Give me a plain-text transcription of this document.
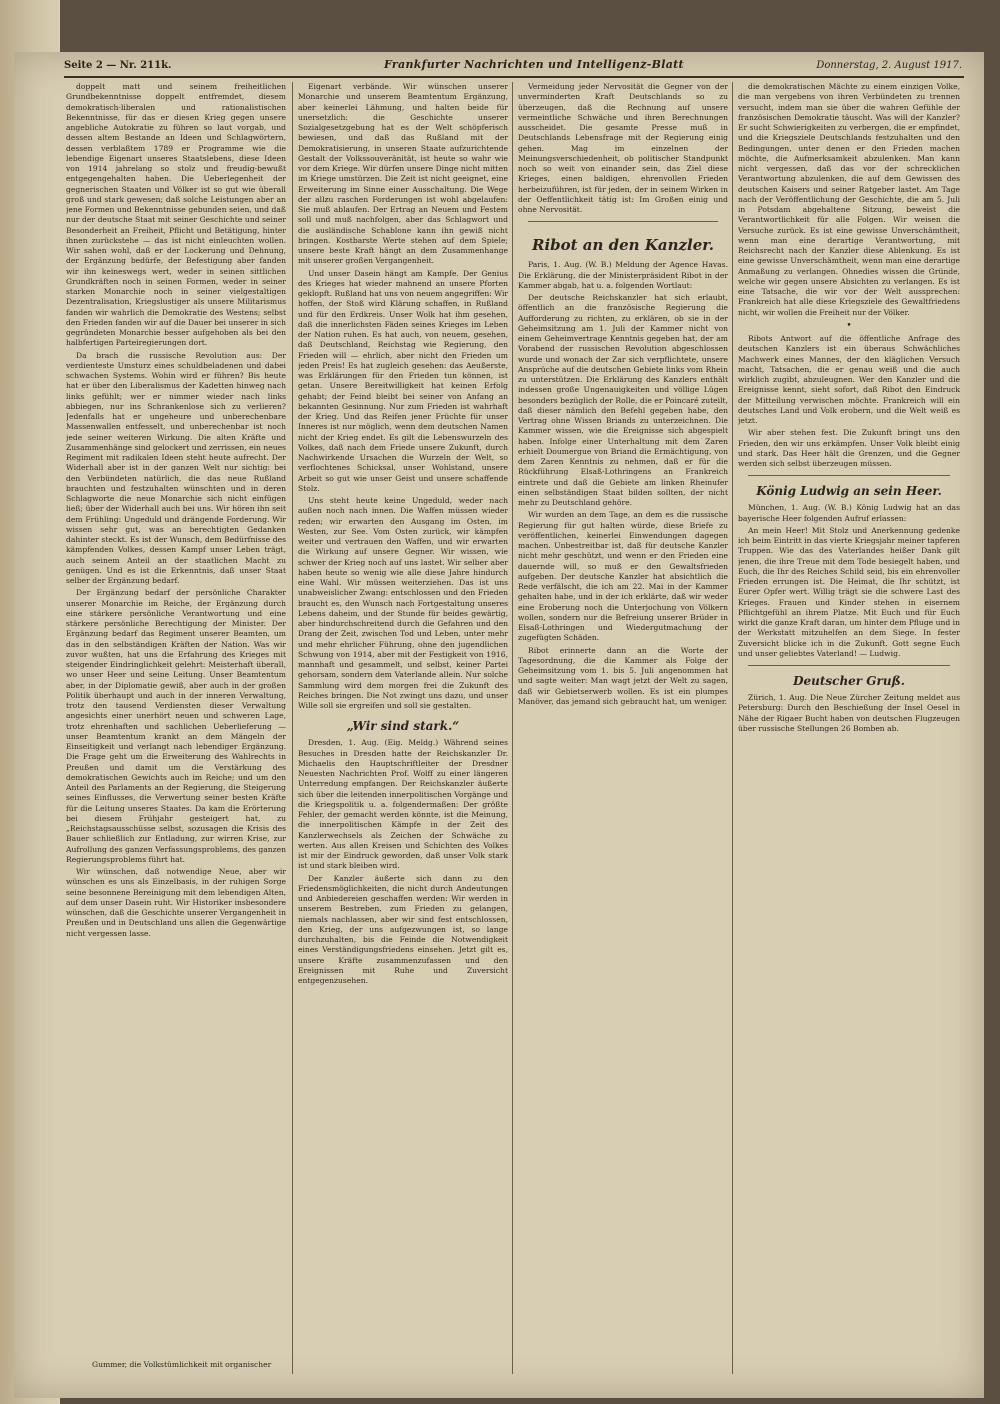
Seite 2 — Nr. 211k.	Frankfurter Nachrichten und Intelligenz-Blatt	Donnerstag, 2. August 1917.

doppelt matt und seinem freiheitlichen Grundbekenntnisse doppelt entfremdet, diesem demokratisch-liberalen und rationalistischen Bekenntnisse, für das er diesen Krieg gegen unsere angebliche Autokratie zu führen so laut vorgab, und dessen altem Bestande an Ideen und Schlagwörtern, dessen verblaßtem 1789 er Programme wie die lebendige Eigenart unseres Staatslebens, diese Ideen von 1914 jahrelang so stolz und freudig-bewußt entgegengehalten haben. Die Ueberlegenheit der gegnerischen Staaten und Völker ist so gut wie überall groß und stark gewesen; daß solche Leistungen aber an jene Formen und Bekenntnisse gebunden seien, und daß nur der deutsche Staat mit seiner Geschichte und seiner Besonderheit an Freiheit, Pflicht und Betätigung, hinter ihnen zurückstehe — das ist nicht einleuchten wollen. Wir sahen wohl, daß er der Lockerung und Dehnung, der Ergänzung bedürfe, der Befestigung aber fanden wir ihn keineswegs wert, weder in seinen sittlichen Grundkräften noch in seinen Formen, weder in seiner starken Monarchie noch in seiner vielgestaltigen Dezentralisation, Kriegslustiger als unsere Militarismus fanden wir wahrlich die Demokratie des Westens; selbst den Frieden fanden wir auf die Dauer bei unserer in sich gegründeten Monarchie besser aufgehoben als bei den halbfertigen Parteiregierungen dort.

Da brach die russische Revolution aus: Der verdienteste Umsturz eines schuldbeladenen und dabei schwachen Systems. Wohin wird er führen? Bis heute hat er über den Liberalismus der Kadetten hinweg nach links gefühlt; wer er nimmer wieder nach links abbiegen, nur ins Schrankenlose sich zu verlieren? Jedenfalls hat er ungeheure und unberechenbare Massenwallen entfesselt, und unberechenbar ist noch jede seiner weiteren Wirkung. Die alten Kräfte und Zusammenhänge sind gelockert und zerrissen, ein neues Regiment mit radikalen Ideen steht heute aufrecht. Der Widerhall aber ist in der ganzen Welt nur sichtig: bei den Verbündeten natürlich, die das neue Rußland brauchten und festzuhalten wünschten und in deren Schlagworte die neue Monarchie sich nicht einfügen ließ; über der Widerhall auch bei uns. Wir hören ihn seit dem Frühling: Ungeduld und drängende Forderung. Wir wissen sehr gut, was an berechtigten Gedanken dahinter steckt. Es ist der Wunsch, dem Bedürfnisse des kämpfenden Volkes, dessen Kampf unser Leben trägt, auch seinem Anteil an der staatlichen Macht zu genügen. Und es ist die Erkenntnis, daß unser Staat selber der Ergänzung bedarf.

Der Ergänzung bedarf der persönliche Charakter unserer Monarchie im Reiche, der Ergänzung durch eine stärkere persönliche Verantwortung und eine stärkere persönliche Berechtigung der Minister. Der Ergänzung bedarf das Regiment unserer Beamten, um das in den selbständigen Kräften der Nation. Was wir zuvor wußten, hat uns die Erfahrung des Krieges mit steigender Eindringlichkeit gelehrt: Meisterhaft überall, wo unser Heer und seine Leitung. Unser Beamtentum aber, in der Diplomatie gewiß, aber auch in der großen Politik überhaupt und auch in der inneren Verwaltung, trotz den tausend Verdiensten dieser Verwaltung angesichts einer unerhört neuen und schweren Lage, trotz ehrenhaften und sachlichen Ueberlieferung — unser Beamtentum krankt an dem Mängeln der Einseitigkeit und verlangt nach lebendiger Ergänzung. Die Frage geht um die Erweiterung des Wahlrechts in Preußen und damit um die Verstärkung des demokratischen Gewichts auch im Reiche; und um den Anteil des Parlaments an der Regierung, die Steigerung seines Einflusses, die Verwertung seiner besten Kräfte für die Leitung unseres Staates. Da kam die Erörterung bei diesem Frühjahr gesteigert hat, zu „Reichstagsausschüsse selbst, sozusagen die Krisis des Bauer schließlich zur Entladung, zur wirren Krise, zur Aufrollung des ganzen Verfassungsproblems, des ganzen Regierungsproblems führt hat.

Wir wünschen, daß notwendige Neue, aber wir wünschen es uns als Einzelbasis, in der ruhigen Sorge seine besonnene Bereinigung mit dem lebendigen Alten, auf dem unser Dasein ruht. Wir Historiker insbesondere wünschen, daß die Geschichte unserer Vergangenheit in Preußen und in Deutschland uns allen die Gegenwärtige nicht vergessen lasse.

Eigenart verbände. Wir wünschen unserer Monarchie und unserem Beamtentum Ergänzung, aber keinerlei Lähmung, und halten beide für unersetzlich: die Geschichte unserer Sozialgesetzgebung hat es der Welt schöpferisch bewiesen, und daß das Rußland mit der Demokratisierung, in unseren Staate aufzurichtende Gestalt der Volkssouveränität, ist heute so wahr wie vor dem Kriege. Wir dürfen unsere Dinge nicht mitten im Kriege umstürzen. Die Zeit ist nicht geeignet, eine Erweiterung im Sinne einer Ausschaltung. Die Wege der allzu raschen Forderungen ist wohl abgelaufen: Sie muß ablaufen. Der Ertrag an Neuem und Festem soll und muß nachfolgen, aber das Schlagwort und die ausländische Schablone kann ihn gewiß nicht bringen. Kostbarste Werte stehen auf dem Spiele; unsere beste Kraft hängt an dem Zusammenhange mit unserer großen Vergangenheit.

Und unser Dasein hängt am Kampfe. Der Genius des Krieges hat wieder mahnend an unsere Pforten geklopft. Rußland hat uns von neuem angegriffen: Wir hoffen, der Stoß wird Klärung schaffen, in Rußland und für den Erdkreis. Unser Wolk hat ihm gesehen, daß die innerlichsten Fäden seines Krieges im Leben der Nation ruhen. Es hat auch, von neuem, gesehen, daß Deutschland, Reichstag wie Regierung, den Frieden will — ehrlich, aber nicht den Frieden um jeden Preis! Es hat zugleich gesehen: das Aeußerste, was Erklärungen für den Frieden tun können, ist getan. Unsere Bereitwilligkeit hat keinen Erfolg gehabt; der Feind bleibt bei seiner von Anfang an bekannten Gesinnung. Nur zum Frieden ist wahrhaft der Krieg. Und das Reifen jener Früchte für unser Inneres ist nur möglich, wenn dem deutschen Namen nicht der Krieg endet. Es gilt die Lebenswurzeln des Volkes, daß nach dem Friede unsere Zukunft, durch Nachwirkende Ursachen die Wurzeln der Welt, so verflochtenes Schicksal, unser Wohlstand, unsere Arbeit so gut wie unser Geist und unsere schaffende Stolz.

Uns steht heute keine Ungeduld, weder nach außen noch nach innen. Die Waffen müssen wieder reden; wir erwarten den Ausgang im Osten, im Westen, zur See. Vom Osten zurück, wir kämpfen weiter und vertrauen den Waffen, und wir erwarten die Wirkung auf unsere Gegner. Wir wissen, wie schwer der Krieg noch auf uns lastet. Wir selber aber haben heute so wenig wie alle diese Jahre hindurch eine Wahl. Wir müssen weiterziehen. Das ist uns unabweislicher Zwang: entschlossen und den Frieden braucht es, den Wunsch nach Fortgestaltung unseres Lebens daheim, und der Stunde für beides gewärtig, aber hindurchschreitend durch die Gefahren und den Drang der Zeit, zwischen Tod und Leben, unter mehr und mehr ehrlicher Führung, ohne den jugendlichen Schwung von 1914, aber mit der Festigkeit von 1916, mannhaft und gesammelt, und selbst, keiner Partei gehorsam, sondern dem Vaterlande allein. Nur solche Sammlung wird dem morgen frei die Zukunft des Reiches bringen. Die Not zwingt uns dazu, und unser Wille soll sie ergreifen und soll sie gestalten.

„Wir sind stark.“

Dresden, 1. Aug. (Eig. Meldg.) Während seines Besuches in Dresden hatte der Reichskanzler Dr. Michaelis den Hauptschriftleiter der Dresdner Neuesten Nachrichten Prof. Wolff zu einer längeren Unterredung empfangen. Der Reichskanzler äußerte sich über die leitenden innerpolitischen Vorgänge und die Kriegspolitik u. a. folgendermaßen: Der größte Fehler, der gemacht werden könnte, ist die Meinung, die innerpolitischen Kämpfe in der Zeit des Kanzlerwechsels als Zeichen der Schwäche zu werten. Aus allen Kreisen und Schichten des Volkes ist mir der Eindruck geworden, daß unser Volk stark ist und stark bleiben wird.

Der Kanzler äußerte sich dann zu den Friedensmöglichkeiten, die nicht durch Andeutungen und Anbiedereien geschaffen werden: Wir werden in unserem Bestreben, zum Frieden zu gelangen, niemals nachlassen, aber wir sind fest entschlossen, den Krieg, der uns aufgezwungen ist, so lange durchzuhalten, bis die Feinde die Notwendigkeit eines Verständigungsfriedens einsehen. Jetzt gilt es, unsere Kräfte zusammenzufassen und den Ereignissen mit Ruhe und Zuversicht entgegenzusehen.

Vermeidung jeder Nervosität die Gegner von der unverminderten Kraft Deutschlands so zu überzeugen, daß die Rechnung auf unsere vermeintliche Schwäche und ihren Berechnungen ausscheidet. Die gesamte Presse muß in Deutschlands Lebensfrage mit der Regierung einig gehen. Mag im einzelnen der Meinungsverschiedenheit, ob politischer Standpunkt noch so weit von einander sein, das Ziel diese Krieges, einen baldigen, ehrenvollen Frieden herbeizuführen, ist für jeden, der in seinem Wirken in der Oeffentlichkeit tätig ist: Im Großen einig und ohne Nervosität.

Ribot an den Kanzler.

Paris, 1. Aug. (W. B.) Meldung der Agence Havas. Die Erklärung, die der Ministerpräsident Ribot in der Kammer abgab, hat u. a. folgenden Wortlaut:

Der deutsche Reichskanzler hat sich erlaubt, öffentlich an die französische Regierung die Aufforderung zu richten, zu erklären, ob sie in der Geheimsitzung am 1. Juli der Kammer nicht von einem Geheimvertrage Kenntnis gegeben hat, der am Vorabend der russischen Revolution abgeschlossen wurde und wonach der Zar sich verpflichtete, unsere Ansprüche auf die deutschen Gebiete links vom Rhein zu unterstützen. Die Erklärung des Kanzlers enthält indessen große Ungenauigkeiten und völlige Lügen besonders bezüglich der Rolle, die er Poincaré zuteilt, daß dieser nämlich den Befehl gegeben habe, den Vertrag ohne Wissen Briands zu unterzeichnen. Die Kammer wissen, wie die Ereignisse sich abgespielt haben. Infolge einer Unterhaltung mit dem Zaren erhielt Doumergue von Briand die Ermächtigung, von dem Zaren Kenntnis zu nehmen, daß er für die Rückführung Elsaß-Lothringens an Frankreich eintrete und daß die Gebiete am linken Rheinufer einen selbständigen Staat bilden sollten, der nicht mehr zu Deutschland gehöre.

Wir wurden an dem Tage, an dem es die russische Regierung für gut halten würde, diese Briefe zu veröffentlichen, keinerlei Einwendungen dagegen machen. Unbestreitbar ist, daß für deutsche Kanzler nicht mehr geschützt, und wenn er den Frieden eine dauernde will, so muß er den Gewaltsfrieden aufgeben. Der deutsche Kanzler hat absichtlich die Rede verfälscht, die ich am 22. Mai in der Kammer gehalten habe, und in der ich erklärte, daß wir weder eine Eroberung noch die Unterjochung von Völkern wollen, sondern nur die Befreiung unserer Brüder in Elsaß-Lothringen und Wiedergutmachung der zugefügten Schäden.

Ribot erinnerte dann an die Worte der Tagesordnung, die die Kammer als Folge der Geheimsitzung vom 1. bis 5. Juli angenommen hat und sagte weiter: Man wagt jetzt der Welt zu sagen, daß wir Gebietserwerb wollen. Es ist ein plumpes Manöver, das jemand sich gebraucht hat, um weniger.

die demokratischen Mächte zu einem einzigen Volke, die man vergebens von ihren Verbündeten zu trennen versucht, indem man sie über die wahren Gefühle der französischen Demokratie täuscht. Was will der Kanzler? Er sucht Schwierigkeiten zu verbergen, die er empfindet, und die Kriegsziele Deutschlands festzuhalten und den Bedingungen, unter denen er den Frieden machen möchte, die Aufmerksamkeit abzulenken. Man kann nicht vergessen, daß das vor der schrecklichen Verantwortung abzulenken, die auf dem Gewissen des deutschen Kaisers und seiner Ratgeber lastet. Am Tage nach der Veröffentlichung der Geschichte, die am 5. Juli in Potsdam abgehaltene Sitzung, beweist die Verantwortlichkeit für alle Folgen. Wir weisen die Versuche zurück. Es ist eine gewisse Unverschämtheit, wenn man eine derartige Verantwortung, mit Reichsrecht nach der Kanzler diese Ablenkung. Es ist eine gewisse Unverschämtheit, wenn man eine derartige Anmaßung zu verlangen. Ohnedies wissen die Gründe, welche wir gegen unsere Absichten zu verlangen. Es ist eine Tatsache, die wir vor der Welt aussprechen: Frankreich hat alle diese Kriegsziele des Gewaltfriedens nicht, wir wollen die Freiheit nur der Völker.

•

Ribots Antwort auf die öffentliche Anfrage des deutschen Kanzlers ist ein überaus Schwächliches Machwerk eines Mannes, der den kläglichen Versuch macht, Tatsachen, die er genau weiß und die auch wirklich zugibt, abzuleugnen. Wer den Kanzler und die Ereignisse kennt, sieht sofort, daß Ribot den Eindruck der Mitteilung verwischen möchte. Frankreich will ein deutsches Land und Volk erobern, und die Welt weiß es jetzt.

Wir aber stehen fest. Die Zukunft bringt uns den Frieden, den wir uns erkämpfen. Unser Volk bleibt einig und stark. Das Heer hält die Grenzen, und die Gegner werden sich selbst überzeugen müssen.

König Ludwig an sein Heer.

München, 1. Aug. (W. B.) König Ludwig hat an das bayerische Heer folgenden Aufruf erlassen:

An mein Heer! Mit Stolz und Anerkennung gedenke ich beim Eintritt in das vierte Kriegsjahr meiner tapferen Truppen. Wie das des Vaterlandes heißer Dank gilt jenen, die ihre Treue mit dem Tode besiegelt haben, und Euch, die Ihr des Reiches Schild seid, bis ein ehrenvoller Frieden errungen ist. Die Heimat, die Ihr schützt, ist Eurer Opfer wert. Willig trägt sie die schwere Last des Krieges. Frauen und Kinder stehen in eisernem Pflichtgefühl an ihrem Platze. Mit Euch und für Euch wirkt die ganze Kraft daran, um hinter dem Pfluge und in der Werkstatt mitzuhelfen an dem Siege. In fester Zuversicht blicke ich in die Zukunft. Gott segne Euch und unser geliebtes Vaterland! — Ludwig.

Deutscher Gruß.

Zürich, 1. Aug. Die Neue Zürcher Zeitung meldet aus Petersburg: Durch den Beschießung der Insel Oesel in Nähe der Rigaer Bucht haben von deutschen Flugzeugen über russische Stellungen 26 Bomben ab.

Gummer, die Volkstümlichkeit mit organischer
